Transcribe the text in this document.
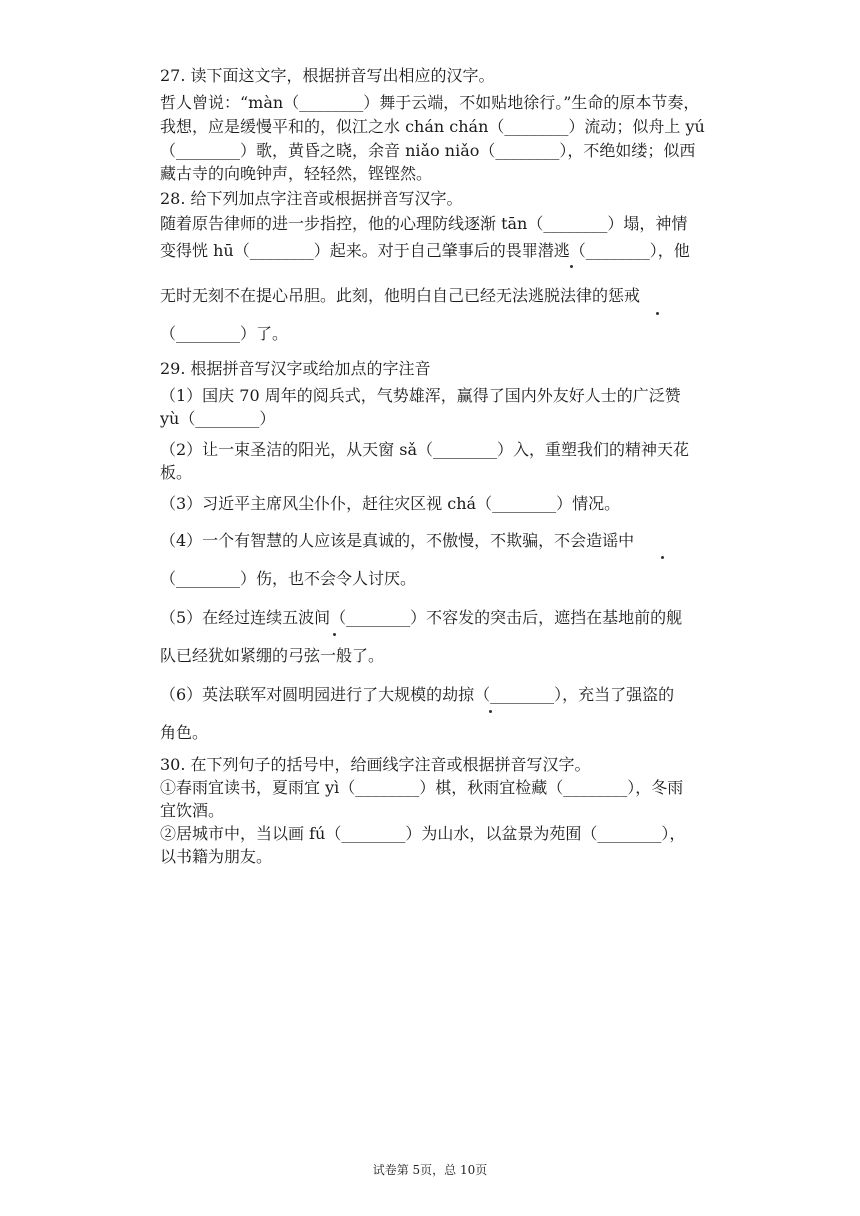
27. 读下面这文字，根据拼音写出相应的汉字。
哲人曾说：“màn（________）舞于云端，不如贴地徐行。”生命的原本节奏，
我想，应是缓慢平和的，似江之水 chán chán（________）流动；似舟上 yú
（________）歌，黄昏之晓，余音 niǎo niǎo（________），不绝如缕；似西
藏古寺的向晚钟声，轻轻然，铿铿然。
28. 给下列加点字注音或根据拼音写汉字。
随着原告律师的进一步指控，他的心理防线逐渐 tān（________）塌，神情
变得恍 hū（________）起来。对于自己肇事后的畏罪潜逃（________），他
无时无刻不在提心吊胆。此刻，他明白自己已经无法逃脱法律的惩戒
（________）了。
29. 根据拼音写汉字或给加点的字注音
（1）国庆 70 周年的阅兵式，气势雄浑，赢得了国内外友好人士的广泛赞
yù（________）
（2）让一束圣洁的阳光，从天窗 sǎ（________）入，重塑我们的精神天花
板。
（3）习近平主席风尘仆仆，赶往灾区视 chá（________）情况。
（4）一个有智慧的人应该是真诚的，不傲慢，不欺骗，不会造谣中
（________）伤，也不会令人讨厌。
（5）在经过连续五波间（________）不容发的突击后，遮挡在基地前的舰
队已经犹如紧绷的弓弦一般了。
（6）英法联军对圆明园进行了大规模的劫掠（________），充当了强盗的
角色。
30. 在下列句子的括号中，给画线字注音或根据拼音写汉字。
①春雨宜读书，夏雨宜 yì（________）棋，秋雨宜检藏（________），冬雨
宜饮酒。
②居城市中，当以画 fú（________）为山水，以盆景为苑囿（________），
以书籍为朋友。
试卷第 5页，总 10页
